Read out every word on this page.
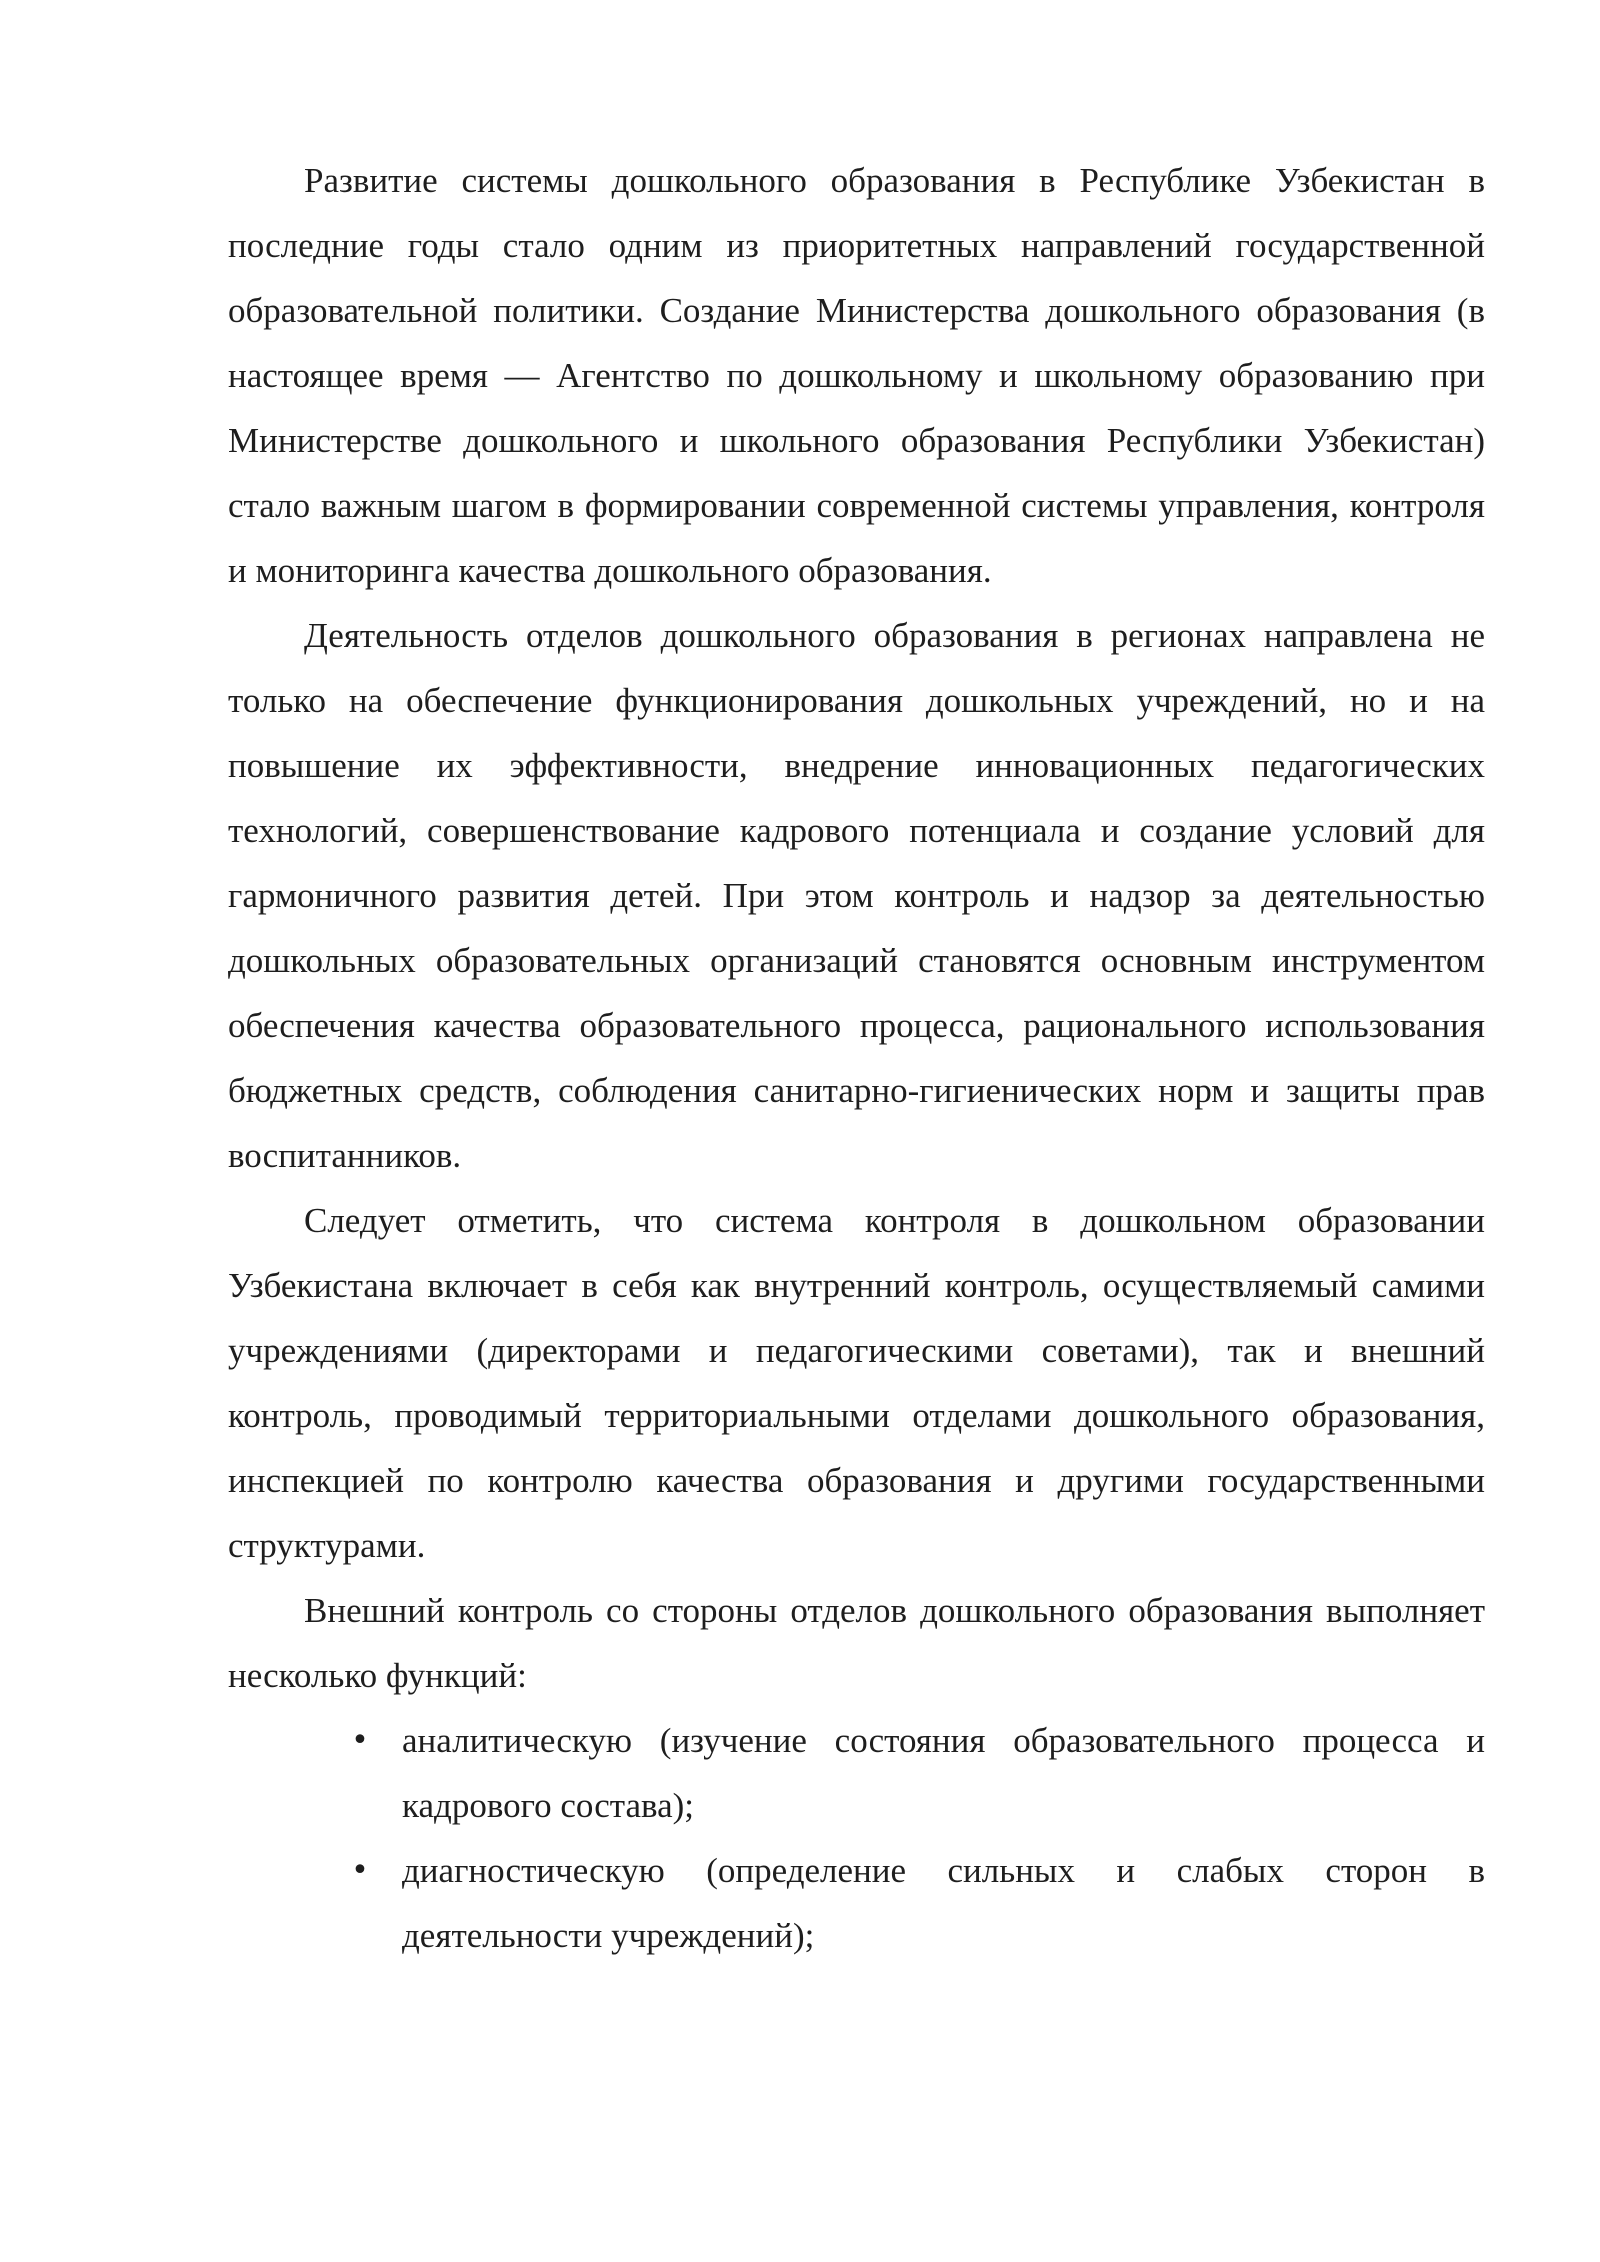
Развитие системы дошкольного образования в Республике Узбекистан в последние годы стало одним из приоритетных направлений государственной образовательной политики. Создание Министерства дошкольного образования (в настоящее время — Агентство по дошкольному и школьному образованию при Министерстве дошкольного и школьного образования Республики Узбекистан) стало важным шагом в формировании современной системы управления, контроля и мониторинга качества дошкольного образования.

Деятельность отделов дошкольного образования в регионах направлена не только на обеспечение функционирования дошкольных учреждений, но и на повышение их эффективности, внедрение инновационных педагогических технологий, совершенствование кадрового потенциала и создание условий для гармоничного развития детей. При этом контроль и надзор за деятельностью дошкольных образовательных организаций становятся основным инструментом обеспечения качества образовательного процесса, рационального использования бюджетных средств, соблюдения санитарно-гигиенических норм и защиты прав воспитанников.

Следует отметить, что система контроля в дошкольном образовании Узбекистана включает в себя как внутренний контроль, осуществляемый самими учреждениями (директорами и педагогическими советами), так и внешний контроль, проводимый территориальными отделами дошкольного образования, инспекцией по контролю качества образования и другими государственными структурами.

Внешний контроль со стороны отделов дошкольного образования выполняет несколько функций:

• аналитическую (изучение состояния образовательного процесса и кадрового состава);
• диагностическую (определение сильных и слабых сторон в деятельности учреждений);
